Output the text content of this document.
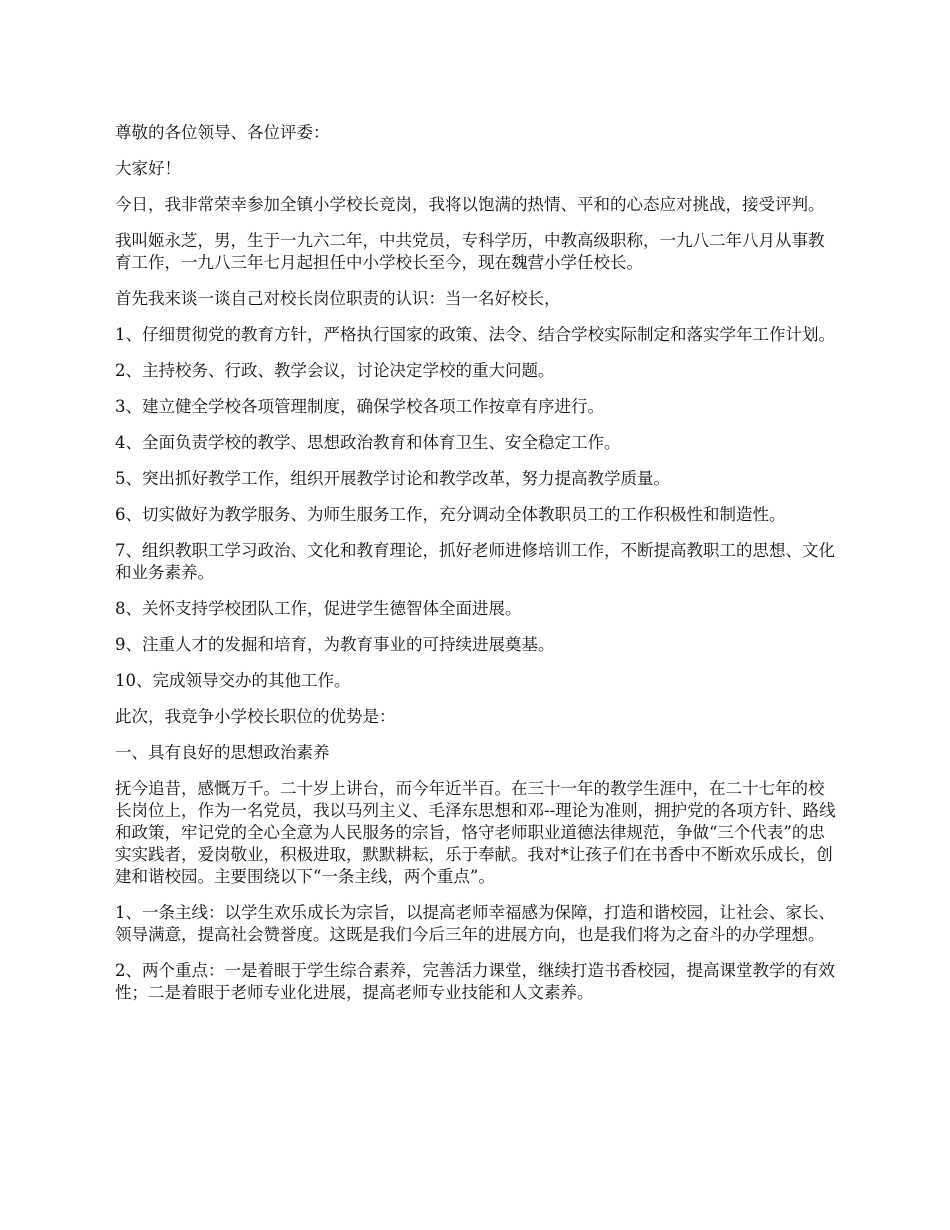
尊敬的各位领导、各位评委：

大家好！

今日，我非常荣幸参加全镇小学校长竞岗，我将以饱满的热情、平和的心态应对挑战，接受评判。

我叫姬永芝，男，生于一九六二年，中共党员，专科学历，中教高级职称，一九八二年八月从事教育工作，一九八三年七月起担任中小学校长至今，现在魏营小学任校长。

首先我来谈一谈自己对校长岗位职责的认识：当一名好校长，

1、仔细贯彻党的教育方针，严格执行国家的政策、法令、结合学校实际制定和落实学年工作计划。

2、主持校务、行政、教学会议，讨论决定学校的重大问题。

3、建立健全学校各项管理制度，确保学校各项工作按章有序进行。

4、全面负责学校的教学、思想政治教育和体育卫生、安全稳定工作。

5、突出抓好教学工作，组织开展教学讨论和教学改革，努力提高教学质量。

6、切实做好为教学服务、为师生服务工作，充分调动全体教职员工的工作积极性和制造性。

7、组织教职工学习政治、文化和教育理论，抓好老师进修培训工作，不断提高教职工的思想、文化和业务素养。

8、关怀支持学校团队工作，促进学生德智体全面进展。

9、注重人才的发掘和培育，为教育事业的可持续进展奠基。

10、完成领导交办的其他工作。

此次，我竞争小学校长职位的优势是：

一、具有良好的思想政治素养

抚今追昔，感慨万千。二十岁上讲台，而今年近半百。在三十一年的教学生涯中，在二十七年的校长岗位上，作为一名党员，我以马列主义、毛泽东思想和邓--理论为准则，拥护党的各项方针、路线和政策，牢记党的全心全意为人民服务的宗旨，恪守老师职业道德法律规范，争做“三个代表”的忠实实践者，爱岗敬业，积极进取，默默耕耘，乐于奉献。我对*让孩子们在书香中不断欢乐成长，创建和谐校园。主要围绕以下“一条主线，两个重点”。

1、一条主线：以学生欢乐成长为宗旨，以提高老师幸福感为保障，打造和谐校园，让社会、家长、领导满意，提高社会赞誉度。这既是我们今后三年的进展方向，也是我们将为之奋斗的办学理想。

2、两个重点：一是着眼于学生综合素养，完善活力课堂，继续打造书香校园，提高课堂教学的有效性；二是着眼于老师专业化进展，提高老师专业技能和人文素养。
